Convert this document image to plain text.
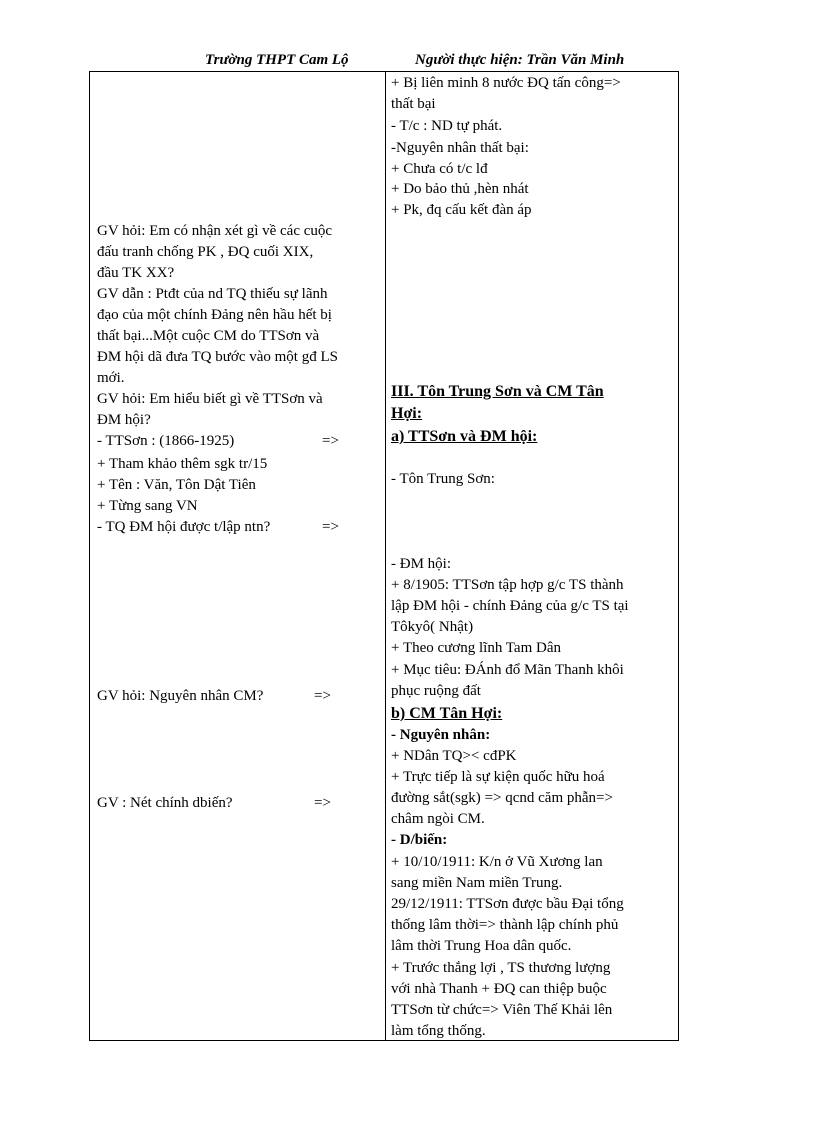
Trường THPT Cam Lộ	Người thực hiện: Trần Văn Minh
GV hỏi: Em có nhận xét gì về các cuộc
đấu tranh chống PK , ĐQ cuối XIX,
đầu TK XX?
GV dẫn : Ptđt của nd TQ thiếu sự lãnh
đạo của một chính Đảng nên hầu hết bị
thất bại...Một cuộc CM do TTSơn và
ĐM hội dã đưa TQ bước vào một gđ LS
mới.
GV hỏi: Em hiểu biết gì về TTSơn và
ĐM hội?
- TTSơn : (1866-1925)	=>
+ Tham khảo thêm sgk tr/15
+ Tên : Văn, Tôn Dật Tiên
+ Từng sang VN
- TQ ĐM hội được t/lập ntn?	=>
GV hỏi: Nguyên nhân CM?	=>
GV : Nét chính dbiến?	=>
+ Bị liên minh 8 nước ĐQ tấn công=>
thất bại
- T/c : ND tự phát.
-Nguyên nhân thất bại:
+ Chưa có t/c lđ
+ Do bảo thủ ,hèn nhát
+ Pk, đq cấu kết đàn áp
III. Tôn Trung Sơn và CM Tân
Hợi:
a) TTSơn và ĐM hội:
- Tôn Trung Sơn:
- ĐM hội:
+ 8/1905: TTSơn tập hợp g/c TS thành
lập ĐM hội - chính Đảng của g/c TS tại
Tôkyô( Nhật)
+ Theo cương lĩnh Tam Dân
+ Mục tiêu: ĐÁnh đổ Mãn Thanh khôi
phục ruộng đất
b) CM Tân Hợi:
- Nguyên nhân:
+ NDân TQ>< cđPK
+ Trực tiếp là sự kiện quốc hữu hoá
đường sắt(sgk) => qcnd căm phẫn=>
châm ngòi CM.
- D/biến:
+ 10/10/1911: K/n ở Vũ Xương lan
sang miền Nam miền Trung.
29/12/1911: TTSơn được bầu Đại tổng
thống lâm thời=> thành lập chính phủ
lâm thời Trung Hoa dân quốc.
+ Trước thắng lợi , TS thương lượng
với nhà Thanh + ĐQ can thiệp buộc
TTSơn từ chức=> Viên Thế Khải lên
làm tổng thống.
